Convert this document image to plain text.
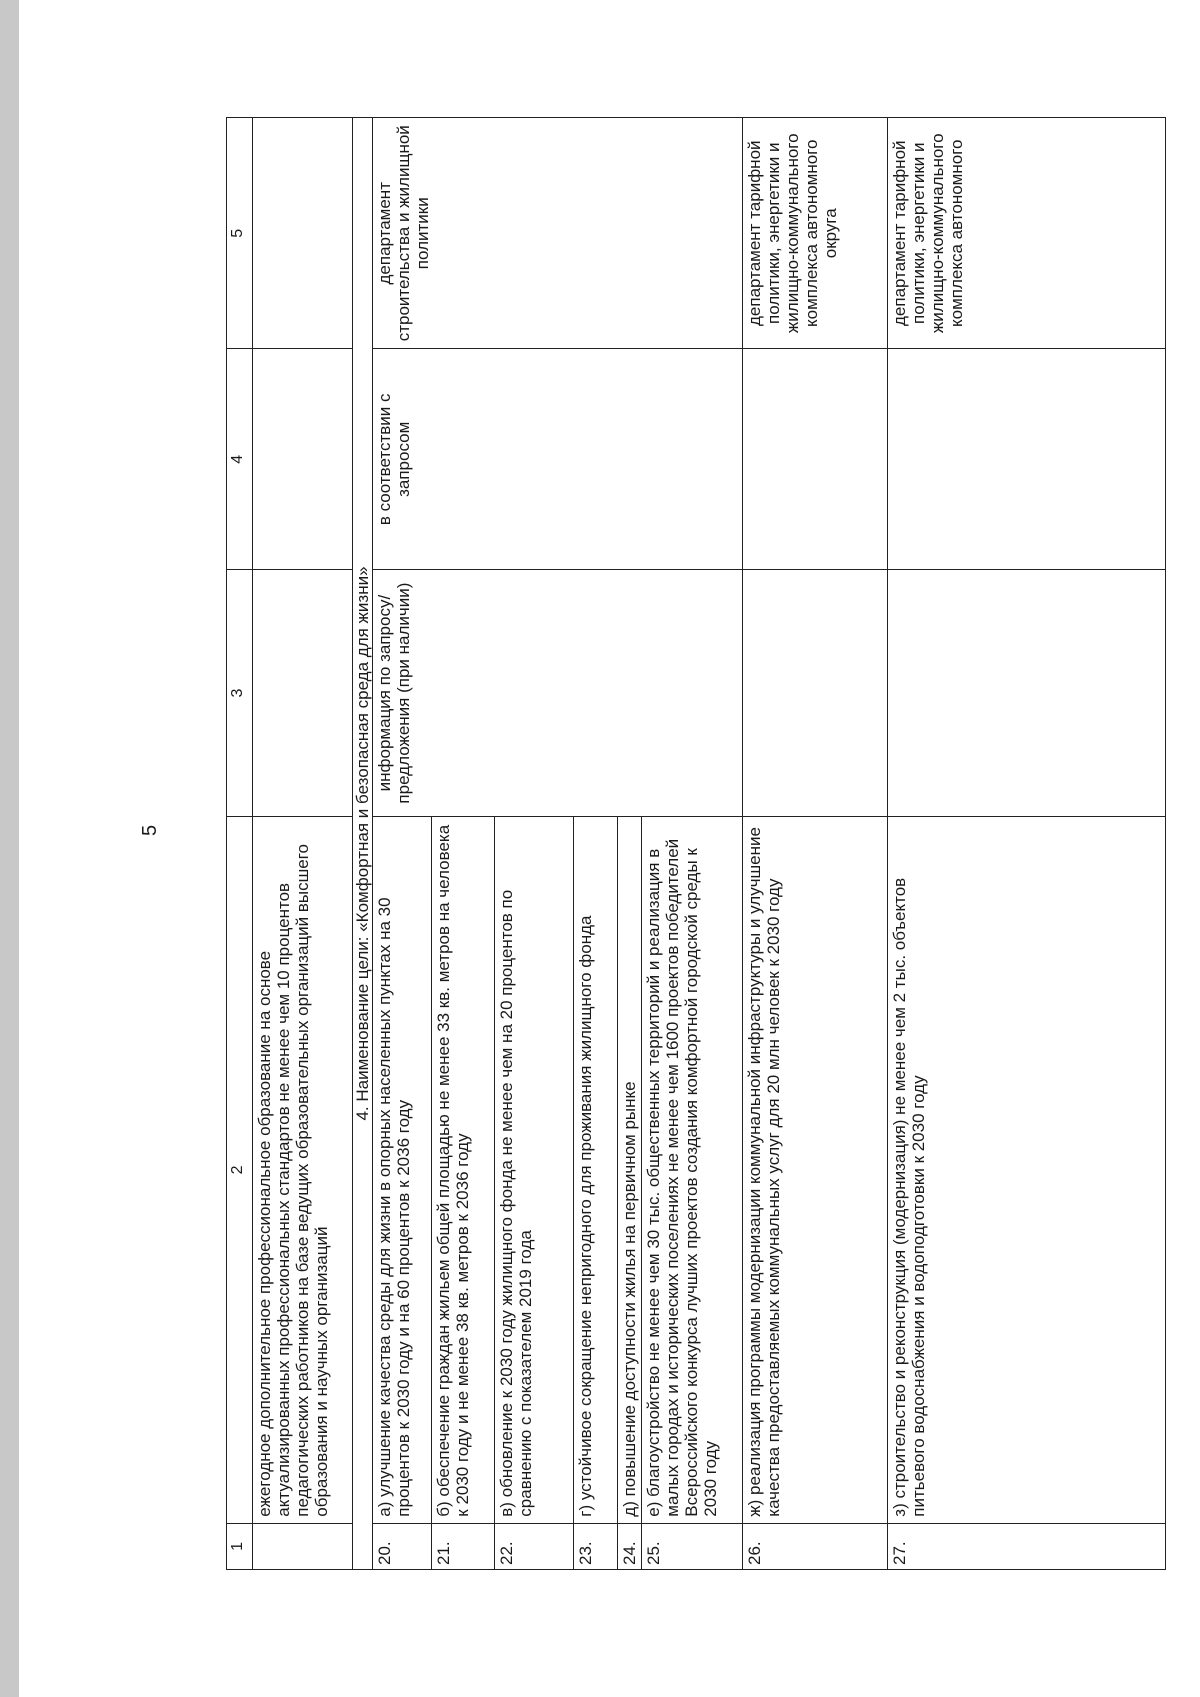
5
1	2	3	4	5
	ежегодное дополнительное профессиональное образование на основе актуализированных профессиональных стандартов не менее чем 10 процентов педагогических работников на базе ведущих образовательных организаций высшего образования и научных организаций			
4. Наименование цели: «Комфортная и безопасная среда для жизни»				
20.	а) улучшение качества среды для жизни в опорных населенных пунктах на 30 процентов к 2030 году и на 60 процентов к 2036 году	информация по запросу/ предложения (при наличии)	в соответствии с запросом	департамент строительства и жилищной политики
21.	б) обеспечение граждан жильем общей площадью не менее 33 кв. метров на человека к 2030 году и не менее 38 кв. метров к 2036 году			
22.	в) обновление к 2030 году жилищного фонда не менее чем на 20 процентов по сравнению с показателем 2019 года			
23.	г) устойчивое сокращение непригодного для проживания жилищного фонда			
24.	д) повышение доступности жилья на первичном рынке			
25.	е) благоустройство не менее чем 30 тыс. общественных территорий и реализация в малых городах и исторических поселениях не менее чем 1600 проектов победителей Всероссийского конкурса лучших проектов создания комфортной городской среды к 2030 году			
26.	ж) реализация программы модернизации коммунальной инфраструктуры и улучшение качества предоставляемых коммунальных услуг для 20 млн человек к 2030 году			департамент тарифной политики, энергетики и жилищно-коммунального комплекса автономного округа
27.	з) строительство и реконструкция (модернизация) не менее чем 2 тыс. объектов питьевого водоснабжения и водоподготовки к 2030 году			департамент тарифной политики, энергетики и жилищно-коммунального комплекса автономного
